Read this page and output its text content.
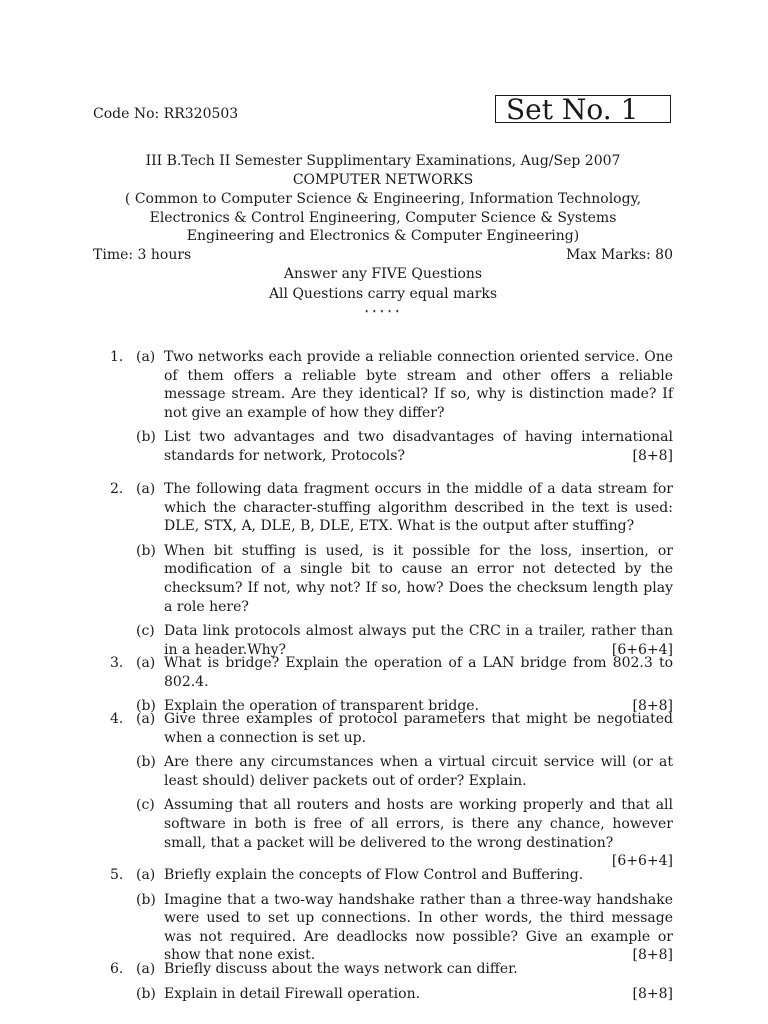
Code No: RR320503	Set No. 1
III B.Tech II Semester Supplimentary Examinations, Aug/Sep 2007
COMPUTER NETWORKS
( Common to Computer Science & Engineering, Information Technology,
Electronics & Control Engineering, Computer Science & Systems
Engineering and Electronics & Computer Engineering)
Time: 3 hours	Max Marks: 80
Answer any FIVE Questions
All Questions carry equal marks
⋆⋆⋆⋆⋆
1. (a) Two networks each provide a reliable connection oriented service. One of them offers a reliable byte stream and other offers a reliable message stream. Are they identical? If so, why is distinction made? If not give an example of how they differ?
(b) List two advantages and two disadvantages of having international standards for network, Protocols?	[8+8]
2. (a) The following data fragment occurs in the middle of a data stream for which the character-stuffing algorithm described in the text is used: DLE, STX, A, DLE, B, DLE, ETX. What is the output after stuffing?
(b) When bit stuffing is used, is it possible for the loss, insertion, or modification of a single bit to cause an error not detected by the checksum? If not, why not? If so, how? Does the checksum length play a role here?
(c) Data link protocols almost always put the CRC in a trailer, rather than in a header.Why?	[6+6+4]
3. (a) What is bridge? Explain the operation of a LAN bridge from 802.3 to 802.4.
(b) Explain the operation of transparent bridge.	[8+8]
4. (a) Give three examples of protocol parameters that might be negotiated when a connection is set up.
(b) Are there any circumstances when a virtual circuit service will (or at least should) deliver packets out of order? Explain.
(c) Assuming that all routers and hosts are working properly and that all software in both is free of all errors, is there any chance, however small, that a packet will be delivered to the wrong destination?
[6+6+4]
5. (a) Briefly explain the concepts of Flow Control and Buffering.
(b) Imagine that a two-way handshake rather than a three-way handshake were used to set up connections. In other words, the third message was not required. Are deadlocks now possible? Give an example or show that none exist.	[8+8]
6. (a) Briefly discuss about the ways network can differ.
(b) Explain in detail Firewall operation.	[8+8]
